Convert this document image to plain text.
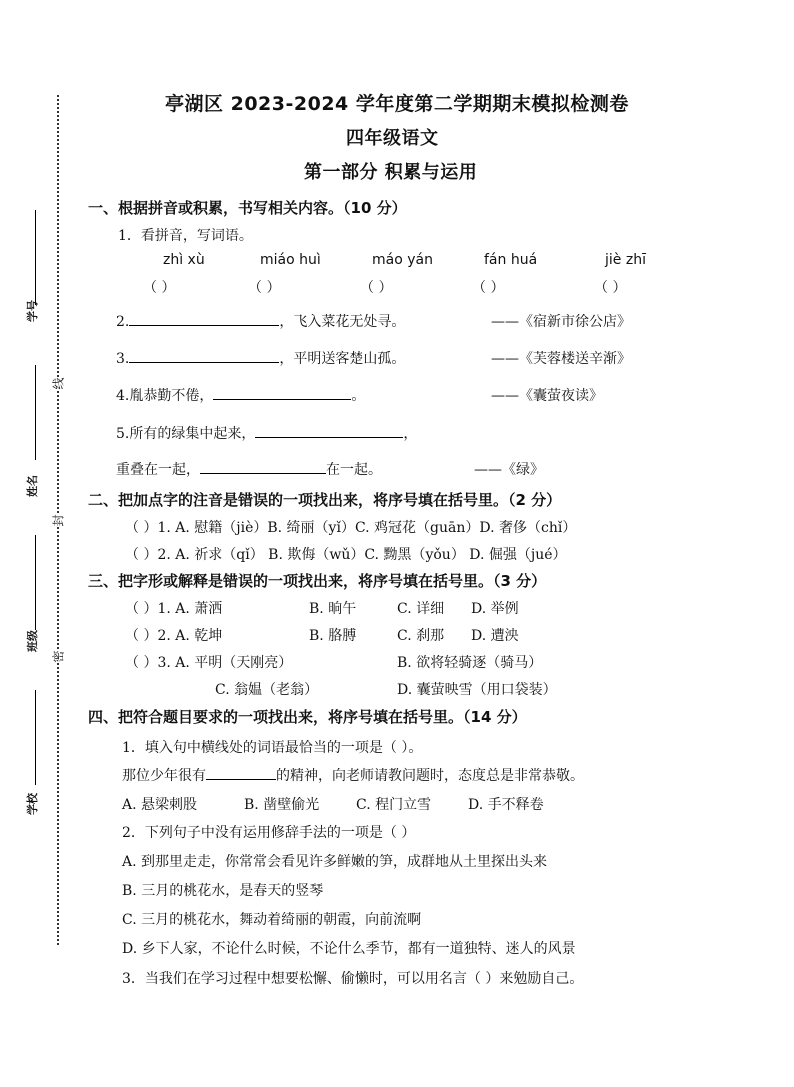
学号
姓名
班级
学校
线
封
密
亭湖区 2023-2024 学年度第二学期期末模拟检测卷
四年级语文
第一部分 积累与运用
一、根据拼音或积累，书写相关内容。（10 分）
1．看拼音，写词语。
zhì xù	miáo huì	máo yán	fán huá	jiè zhī
（ ）	（ ）	（ ）	（ ）	（ ）
2.	，飞入菜花无处寻。	——《宿新市徐公店》
3.	，平明送客楚山孤。	——《芙蓉楼送辛渐》
4.胤恭勤不倦，	。	——《囊萤夜读》
5.所有的绿集中起来，	，
重叠在一起，	在一起。	——《绿》
二、把加点字的注音是错误的一项找出来，将序号填在括号里。（2 分）
（ ）1. A. 慰籍（jiè）B. 绮丽（yǐ）C. 鸡冠花（guān）D. 奢侈（chǐ）
（ ）2. A. 祈求（qǐ） B. 欺侮（wǔ）C. 黝黑（yǒu） D. 倔强（jué）
三、把字形或解释是错误的一项找出来，将序号填在括号里。（3 分）
（ ）1. A. 萧洒	B. 晌午	C. 详细 D. 举例
（ ）2. A. 乾坤	B. 胳膊	C. 刹那 D. 遭泱
（ ）3. A. 平明（天刚亮）	B. 欲将轻骑逐（骑马）
C. 翁媪（老翁）	D. 囊萤映雪（用口袋装）
四、把符合题目要求的一项找出来，将序号填在括号里。（14 分）
1．填入句中横线处的词语最恰当的一项是（ ）。
那位少年很有	的精神，向老师请教问题时，态度总是非常恭敬。
A. 悬梁刺股	B. 凿壁偷光	C. 程门立雪	D. 手不释卷
2．下列句子中没有运用修辞手法的一项是（ ）
A. 到那里走走，你常常会看见许多鲜嫩的笋，成群地从土里探出头来
B. 三月的桃花水，是春天的竖琴
C. 三月的桃花水，舞动着绮丽的朝霞，向前流啊
D. 乡下人家，不论什么时候，不论什么季节，都有一道独特、迷人的风景
3．当我们在学习过程中想要松懈、偷懒时，可以用名言（ ）来勉励自己。
